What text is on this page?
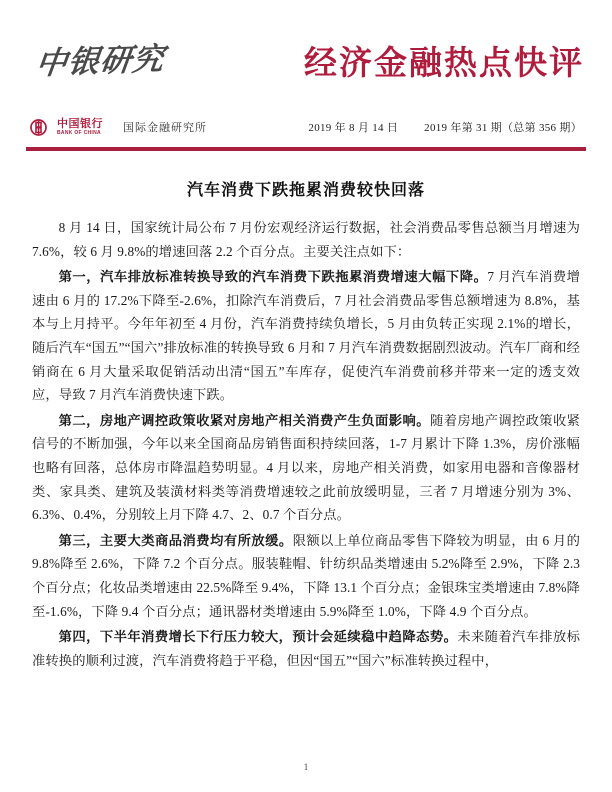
中银研究	经济金融热点快评
中国银行
BANK OF CHINA 国际金融研究所	2019 年 8 月 14 日 2019 年第 31 期（总第 356 期）
汽车消费下跌拖累消费较快回落

8 月 14 日，国家统计局公布 7 月份宏观经济运行数据，社会消费品零售总额当月增速为 7.6%，较 6 月 9.8%的增速回落 2.2 个百分点。主要关注点如下：

第一，汽车排放标准转换导致的汽车消费下跌拖累消费增速大幅下降。7 月汽车消费增速由 6 月的 17.2%下降至-2.6%，扣除汽车消费后，7 月社会消费品零售总额增速为 8.8%，基本与上月持平。今年年初至 4 月份，汽车消费持续负增长，5 月由负转正实现 2.1%的增长，随后汽车“国五”“国六”排放标准的转换导致 6 月和 7 月汽车消费数据剧烈波动。汽车厂商和经销商在 6 月大量采取促销活动出清“国五”车库存，促使汽车消费前移并带来一定的透支效应，导致 7 月汽车消费快速下跌。

第二，房地产调控政策收紧对房地产相关消费产生负面影响。随着房地产调控政策收紧信号的不断加强，今年以来全国商品房销售面积持续回落，1-7 月累计下降 1.3%，房价涨幅也略有回落，总体房市降温趋势明显。4 月以来，房地产相关消费，如家用电器和音像器材类、家具类、建筑及装潢材料类等消费增速较之此前放缓明显，三者 7 月增速分别为 3%、6.3%、0.4%，分别较上月下降 4.7、2、0.7 个百分点。

第三，主要大类商品消费均有所放缓。限额以上单位商品零售下降较为明显，由 6 月的 9.8%降至 2.6%，下降 7.2 个百分点。服装鞋帽、针纺织品类增速由 5.2%降至 2.9%，下降 2.3 个百分点；化妆品类增速由 22.5%降至 9.4%，下降 13.1 个百分点；金银珠宝类增速由 7.8%降至-1.6%，下降 9.4 个百分点；通讯器材类增速由 5.9%降至 1.0%，下降 4.9 个百分点。

第四，下半年消费增长下行压力较大，预计会延续稳中趋降态势。未来随着汽车排放标准转换的顺利过渡，汽车消费将趋于平稳，但因“国五”“国六”标准转换过程中，

1
